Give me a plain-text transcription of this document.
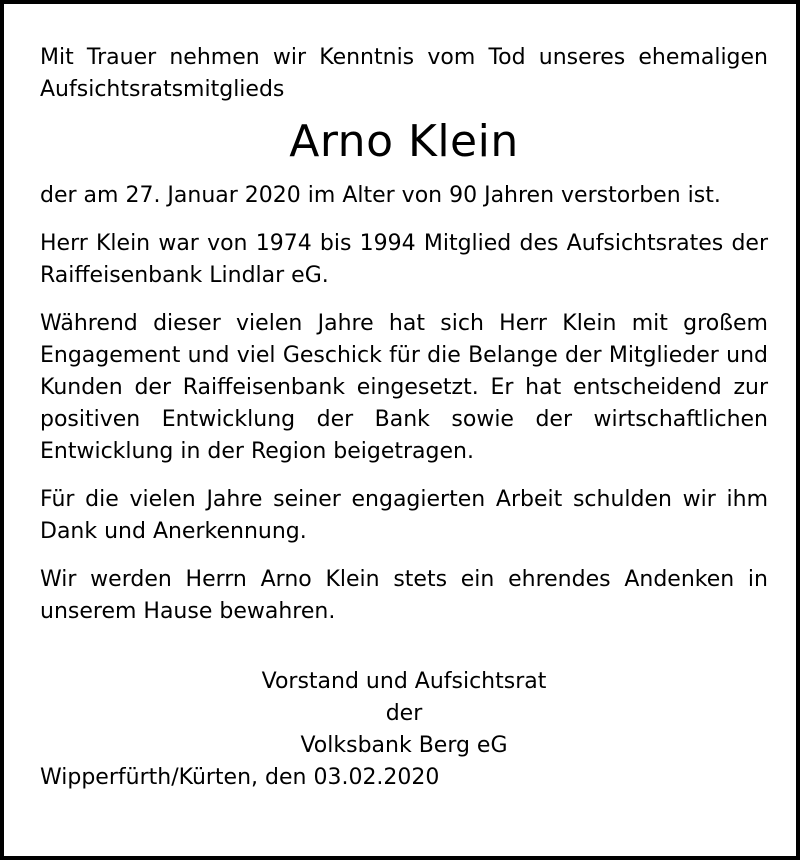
Mit Trauer nehmen wir Kenntnis vom Tod unseres ehemaligen Aufsichtsratsmitglieds

Arno Klein

der am 27. Januar 2020 im Alter von 90 Jahren verstorben ist.

Herr Klein war von 1974 bis 1994 Mitglied des Aufsichtsrates der Raiffeisenbank Lindlar eG.

Während dieser vielen Jahre hat sich Herr Klein mit großem Engagement und viel Geschick für die Belange der Mitglieder und Kunden der Raiffeisenbank eingesetzt. Er hat entscheidend zur positiven Entwicklung der Bank sowie der wirtschaftlichen Entwicklung in der Region beigetragen.

Für die vielen Jahre seiner engagierten Arbeit schulden wir ihm Dank und Anerkennung.

Wir werden Herrn Arno Klein stets ein ehrendes Andenken in unserem Hause bewahren.

Vorstand und Aufsichtsrat
der
Volksbank Berg eG

Wipperfürth/Kürten, den 03.02.2020
